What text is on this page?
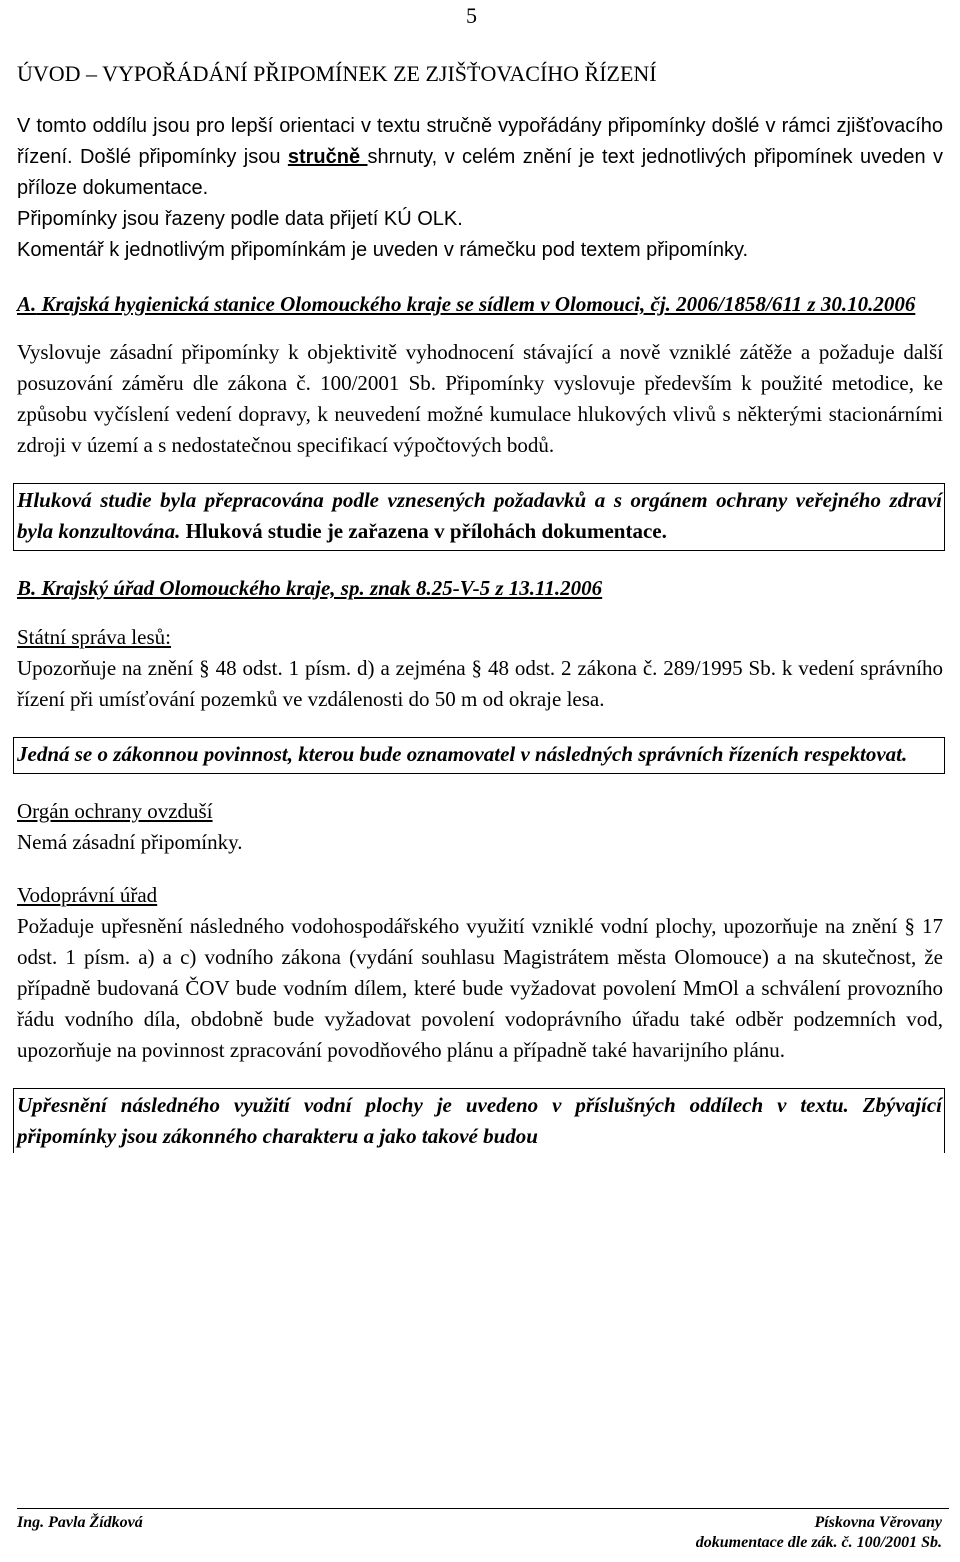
5
ÚVOD – VYPOŘÁDÁNÍ PŘIPOMÍNEK ZE ZJIŠŤOVACÍHO ŘÍZENÍ
V tomto oddílu jsou pro lepší orientaci v textu stručně vypořádány připomínky došlé v rámci zjišťovacího řízení. Došlé připomínky jsou stručně shrnuty, v celém znění je text jednotlivých připomínek uveden v příloze dokumentace.
Připomínky jsou řazeny podle data přijetí KÚ OLK.
Komentář k jednotlivým připomínkám je uveden v rámečku pod textem připomínky.
A. Krajská hygienická stanice Olomouckého kraje se sídlem v Olomouci, čj. 2006/1858/611 z 30.10.2006
Vyslovuje zásadní připomínky k objektivitě vyhodnocení stávající a nově vzniklé zátěže a požaduje další posuzování záměru dle zákona č. 100/2001 Sb. Připomínky vyslovuje především k použité metodice, ke způsobu vyčíslení vedení dopravy, k neuvedení možné kumulace hlukových vlivů s některými stacionárními zdroji v území a s nedostatečnou specifikací výpočtových bodů.
Hluková studie byla přepracována podle vznesených požadavků a s orgánem ochrany veřejného zdraví byla konzultována. Hluková studie je zařazena v přílohách dokumentace.
B. Krajský úřad Olomouckého kraje, sp. znak 8.25-V-5 z 13.11.2006
Státní správa lesů:
Upozorňuje na znění § 48 odst. 1 písm. d) a zejména § 48 odst. 2 zákona č. 289/1995 Sb. k vedení správního řízení při umísťování pozemků ve vzdálenosti do 50 m od okraje lesa.
Jedná se o zákonnou povinnost, kterou bude oznamovatel v následných správních řízeních respektovat.
Orgán ochrany ovzduší
Nemá zásadní připomínky.
Vodoprávní úřad
Požaduje upřesnění následného vodohospodářského využití vzniklé vodní plochy, upozorňuje na znění § 17 odst. 1 písm. a) a c) vodního zákona (vydání souhlasu Magistrátem města Olomouce) a na skutečnost, že případně budovaná ČOV bude vodním dílem, které bude vyžadovat povolení MmOl a schválení provozního řádu vodního díla, obdobně bude vyžadovat povolení vodoprávního úřadu také odběr podzemních vod, upozorňuje na povinnost zpracování povodňového plánu a případně také havarijního plánu.
Upřesnění následného využití vodní plochy je uvedeno v příslušných oddílech v textu. Zbývající připomínky jsou zákonného charakteru a jako takové budou
Ing. Pavla Žídková	Pískovna Věrovany
dokumentace dle zák. č. 100/2001 Sb.
